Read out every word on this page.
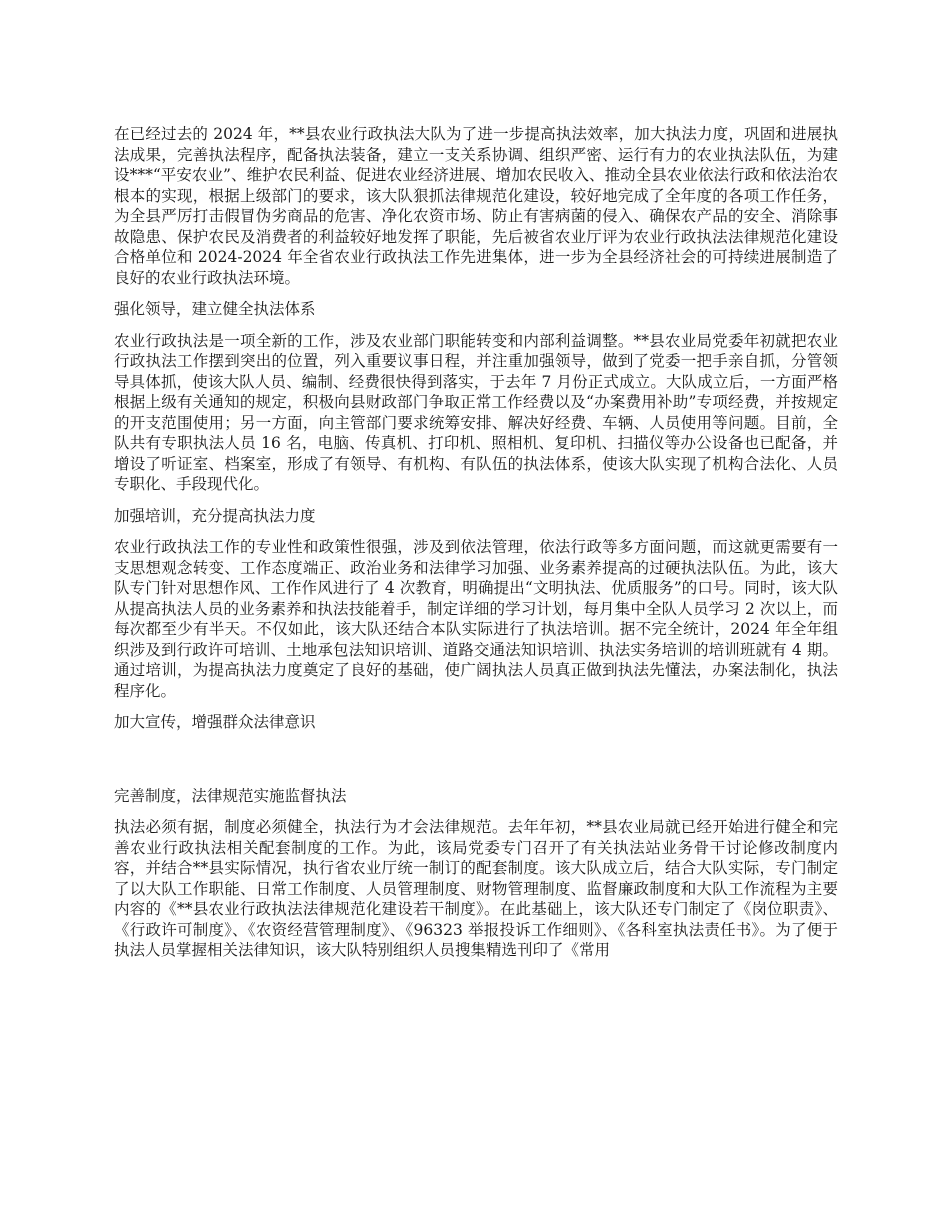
在已经过去的 2024 年，**县农业行政执法大队为了进一步提高执法效率，加大执法力度，巩固和进展执法成果，完善执法程序，配备执法装备，建立一支关系协调、组织严密、运行有力的农业执法队伍，为建设***“平安农业”、维护农民利益、促进农业经济进展、增加农民收入、推动全县农业依法行政和依法治农根本的实现，根据上级部门的要求，该大队狠抓法律规范化建设，较好地完成了全年度的各项工作任务，为全县严厉打击假冒伪劣商品的危害、净化农资市场、防止有害病菌的侵入、确保农产品的安全、消除事故隐患、保护农民及消费者的利益较好地发挥了职能，先后被省农业厅评为农业行政执法法律规范化建设合格单位和 2024-2024 年全省农业行政执法工作先进集体，进一步为全县经济社会的可持续进展制造了良好的农业行政执法环境。

强化领导，建立健全执法体系

农业行政执法是一项全新的工作，涉及农业部门职能转变和内部利益调整。**县农业局党委年初就把农业行政执法工作摆到突出的位置，列入重要议事日程，并注重加强领导，做到了党委一把手亲自抓，分管领导具体抓，使该大队人员、编制、经费很快得到落实，于去年 7 月份正式成立。大队成立后，一方面严格根据上级有关通知的规定，积极向县财政部门争取正常工作经费以及“办案费用补助”专项经费，并按规定的开支范围使用；另一方面，向主管部门要求统筹安排、解决好经费、车辆、人员使用等问题。目前，全队共有专职执法人员 16 名，电脑、传真机、打印机、照相机、复印机、扫描仪等办公设备也已配备，并增设了听证室、档案室，形成了有领导、有机构、有队伍的执法体系，使该大队实现了机构合法化、人员专职化、手段现代化。

加强培训，充分提高执法力度

农业行政执法工作的专业性和政策性很强，涉及到依法管理，依法行政等多方面问题，而这就更需要有一支思想观念转变、工作态度端正、政治业务和法律学习加强、业务素养提高的过硬执法队伍。为此，该大队专门针对思想作风、工作作风进行了 4 次教育，明确提出“文明执法、优质服务”的口号。同时，该大队从提高执法人员的业务素养和执法技能着手，制定详细的学习计划，每月集中全队人员学习 2 次以上，而每次都至少有半天。不仅如此，该大队还结合本队实际进行了执法培训。据不完全统计，2024 年全年组织涉及到行政许可培训、土地承包法知识培训、道路交通法知识培训、执法实务培训的培训班就有 4 期。通过培训，为提高执法力度奠定了良好的基础，使广阔执法人员真正做到执法先懂法，办案法制化，执法程序化。

加大宣传，增强群众法律意识

完善制度，法律规范实施监督执法

执法必须有据，制度必须健全，执法行为才会法律规范。去年年初，**县农业局就已经开始进行健全和完善农业行政执法相关配套制度的工作。为此，该局党委专门召开了有关执法站业务骨干讨论修改制度内容，并结合**县实际情况，执行省农业厅统一制订的配套制度。该大队成立后，结合大队实际，专门制定了以大队工作职能、日常工作制度、人员管理制度、财物管理制度、监督廉政制度和大队工作流程为主要内容的《**县农业行政执法法律规范化建设若干制度》。在此基础上，该大队还专门制定了《岗位职责》、《行政许可制度》、《农资经营管理制度》、《96323 举报投诉工作细则》、《各科室执法责任书》。为了便于执法人员掌握相关法律知识，该大队特别组织人员搜集精选刊印了《常用
